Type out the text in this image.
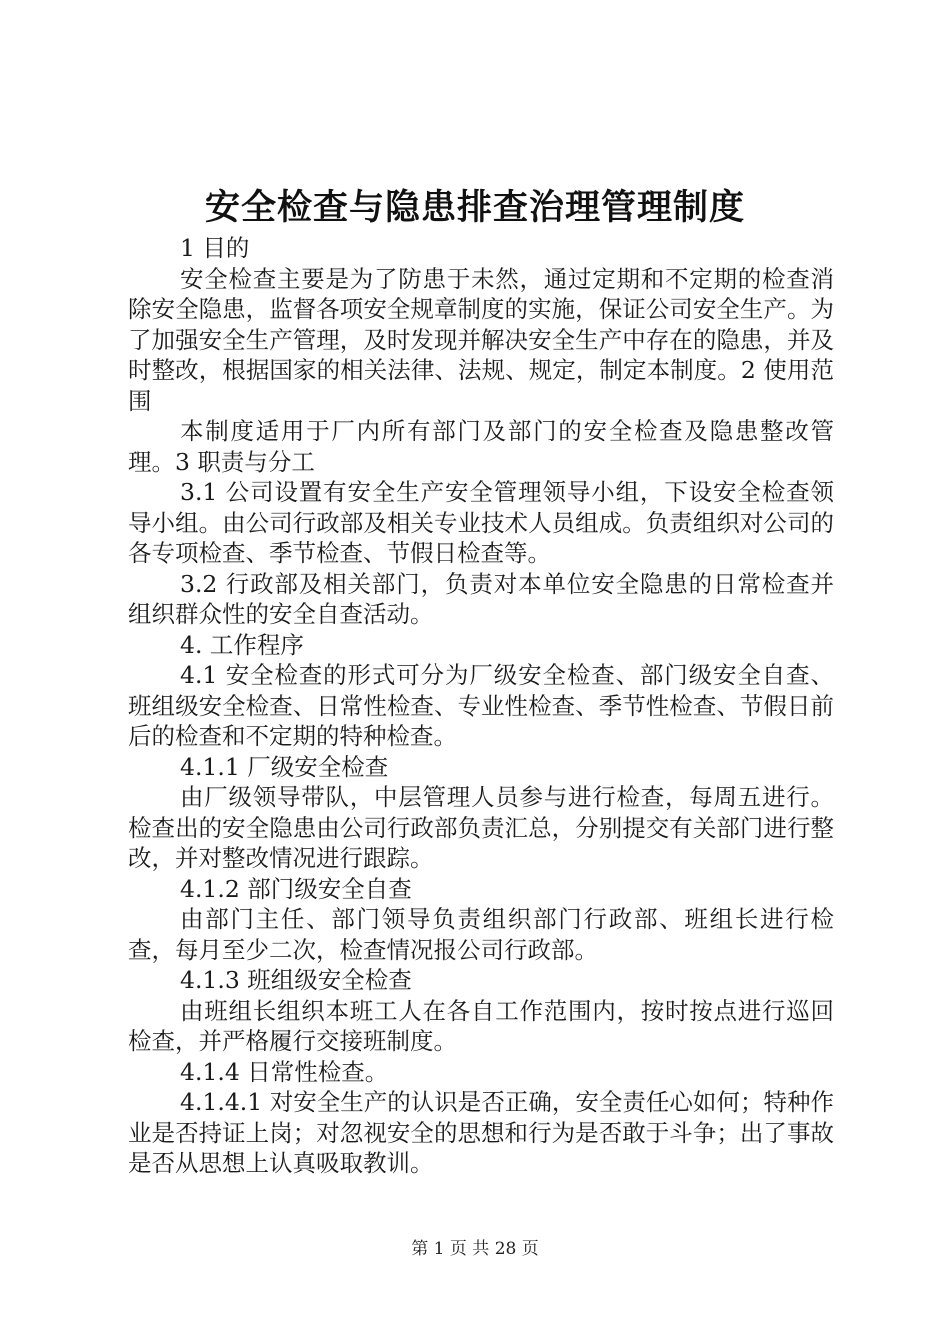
安全检查与隐患排查治理管理制度

1 目的

安全检查主要是为了防患于未然，通过定期和不定期的检查消除安全隐患，监督各项安全规章制度的实施，保证公司安全生产。为了加强安全生产管理，及时发现并解决安全生产中存在的隐患，并及时整改，根据国家的相关法律、法规、规定，制定本制度。2 使用范围

本制度适用于厂内所有部门及部门的安全检查及隐患整改管理。3 职责与分工

3.1 公司设置有安全生产安全管理领导小组，下设安全检查领导小组。由公司行政部及相关专业技术人员组成。负责组织对公司的各专项检查、季节检查、节假日检查等。

3.2 行政部及相关部门，负责对本单位安全隐患的日常检查并组织群众性的安全自查活动。

4. 工作程序

4.1 安全检查的形式可分为厂级安全检查、部门级安全自查、班组级安全检查、日常性检查、专业性检查、季节性检查、节假日前后的检查和不定期的特种检查。

4.1.1 厂级安全检查

由厂级领导带队，中层管理人员参与进行检查，每周五进行。检查出的安全隐患由公司行政部负责汇总，分别提交有关部门进行整改，并对整改情况进行跟踪。

4.1.2 部门级安全自查

由部门主任、部门领导负责组织部门行政部、班组长进行检查，每月至少二次，检查情况报公司行政部。

4.1.3 班组级安全检查

由班组长组织本班工人在各自工作范围内，按时按点进行巡回检查，并严格履行交接班制度。

4.1.4 日常性检查。

4.1.4.1 对安全生产的认识是否正确，安全责任心如何；特种作业是否持证上岗；对忽视安全的思想和行为是否敢于斗争；出了事故是否从思想上认真吸取教训。

第 1 页 共 28 页
